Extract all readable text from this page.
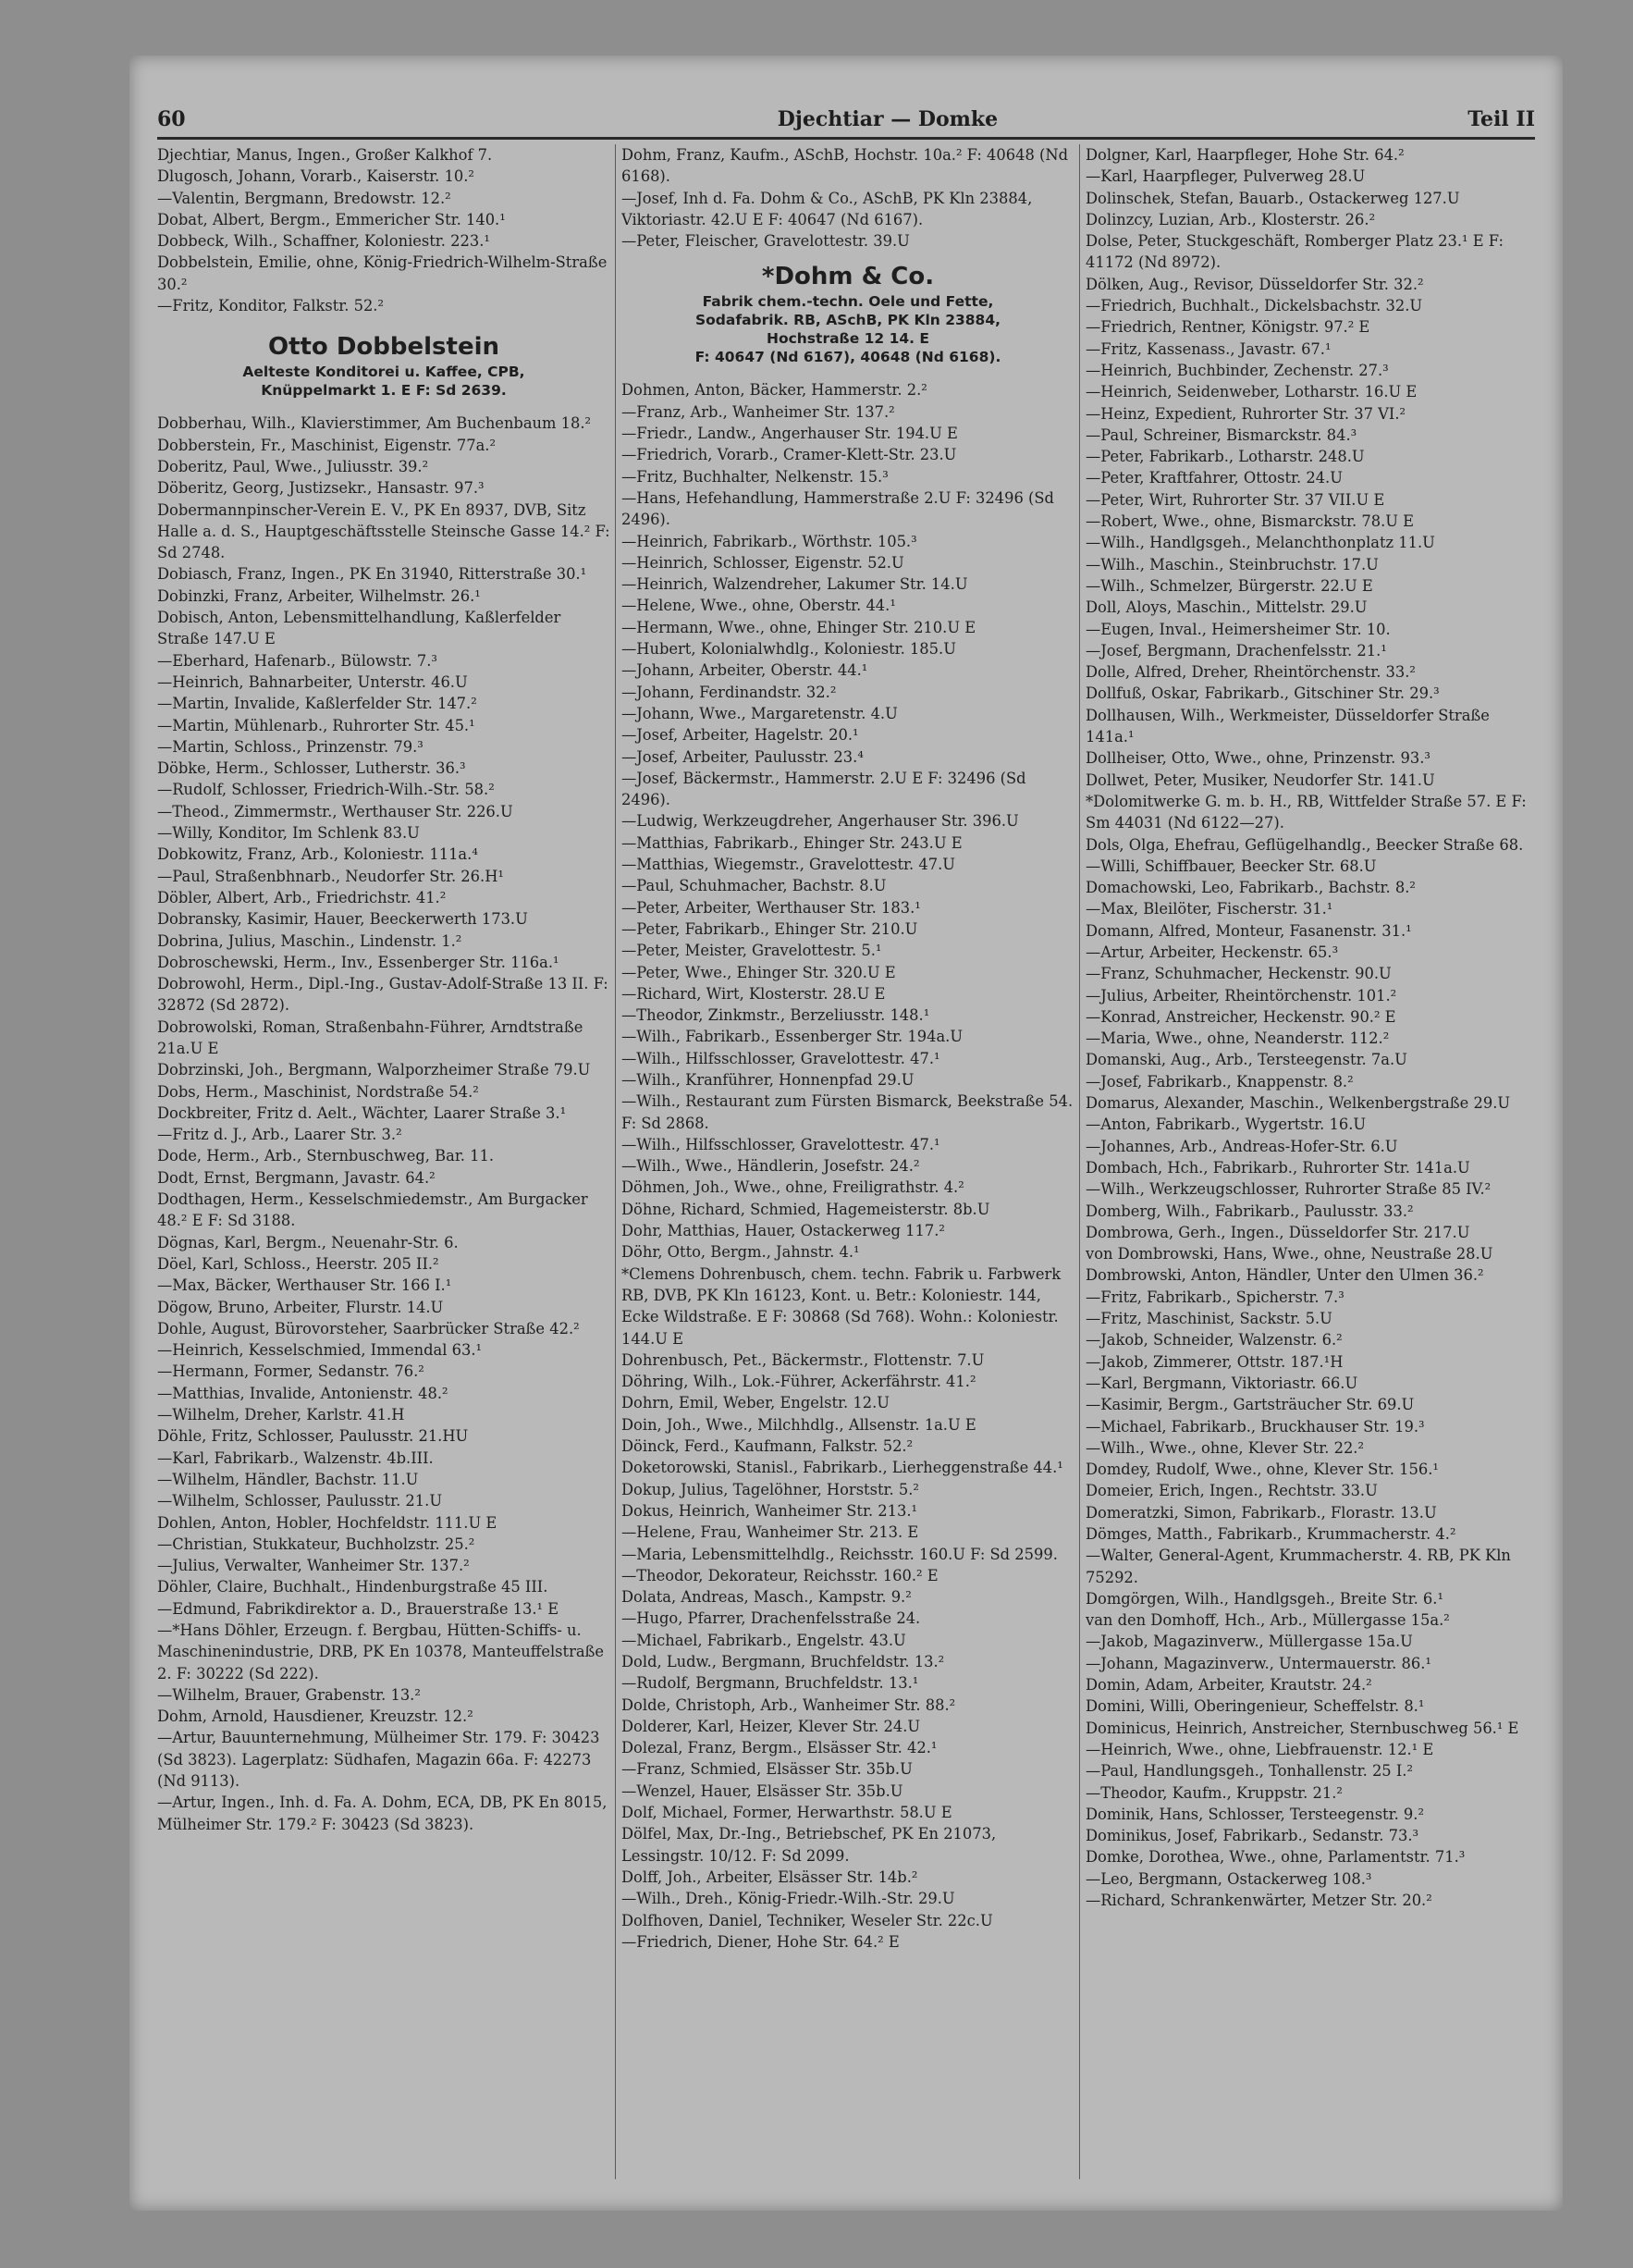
60	Djechtiar — Domke	Teil II

Djechtiar, Manus, Ingen., Großer Kalkhof 7.

Dlugosch, Johann, Vorarb., Kaiserstr. 10.²

—Valentin, Bergmann, Bredowstr. 12.²

Dobat, Albert, Bergm., Emmericher Str. 140.¹

Dobbeck, Wilh., Schaffner, Koloniestr. 223.¹

Dobbelstein, Emilie, ohne, König-Friedrich-Wilhelm-Straße 30.²

—Fritz, Konditor, Falkstr. 52.²

Otto Dobbelstein
Aelteste Konditorei u. Kaffee, CPB,
Knüppelmarkt 1. E F: Sd 2639.

Dobberhau, Wilh., Klavierstimmer, Am Buchenbaum 18.²

Dobberstein, Fr., Maschinist, Eigenstr. 77a.²

Doberitz, Paul, Wwe., Juliusstr. 39.²

Döberitz, Georg, Justizsekr., Hansastr. 97.³

Dobermannpinscher-Verein E. V., PK En 8937, DVB, Sitz Halle a. d. S., Hauptgeschäftsstelle Steinsche Gasse 14.² F: Sd 2748.

Dobiasch, Franz, Ingen., PK En 31940, Ritterstraße 30.¹

Dobinzki, Franz, Arbeiter, Wilhelmstr. 26.¹

Dobisch, Anton, Lebensmittelhandlung, Kaßlerfelder Straße 147.U E

—Eberhard, Hafenarb., Bülowstr. 7.³

—Heinrich, Bahnarbeiter, Unterstr. 46.U

—Martin, Invalide, Kaßlerfelder Str. 147.²

—Martin, Mühlenarb., Ruhrorter Str. 45.¹

—Martin, Schloss., Prinzenstr. 79.³

Döbke, Herm., Schlosser, Lutherstr. 36.³

—Rudolf, Schlosser, Friedrich-Wilh.-Str. 58.²

—Theod., Zimmermstr., Werthauser Str. 226.U

—Willy, Konditor, Im Schlenk 83.U

Dobkowitz, Franz, Arb., Koloniestr. 111a.⁴

—Paul, Straßenbhnarb., Neudorfer Str. 26.H¹

Döbler, Albert, Arb., Friedrichstr. 41.²

Dobransky, Kasimir, Hauer, Beeckerwerth 173.U

Dobrina, Julius, Maschin., Lindenstr. 1.²

Dobroschewski, Herm., Inv., Essenberger Str. 116a.¹

Dobrowohl, Herm., Dipl.-Ing., Gustav-Adolf-Straße 13 II. F: 32872 (Sd 2872).

Dobrowolski, Roman, Straßenbahn-Führer, Arndtstraße 21a.U E

Dobrzinski, Joh., Bergmann, Walporzheimer Straße 79.U

Dobs, Herm., Maschinist, Nordstraße 54.²

Dockbreiter, Fritz d. Aelt., Wächter, Laarer Straße 3.¹

—Fritz d. J., Arb., Laarer Str. 3.²

Dode, Herm., Arb., Sternbuschweg, Bar. 11.

Dodt, Ernst, Bergmann, Javastr. 64.²

Dodthagen, Herm., Kesselschmiedemstr., Am Burgacker 48.² E F: Sd 3188.

Dögnas, Karl, Bergm., Neuenahr-Str. 6.

Döel, Karl, Schloss., Heerstr. 205 II.²

—Max, Bäcker, Werthauser Str. 166 I.¹

Dögow, Bruno, Arbeiter, Flurstr. 14.U

Dohle, August, Bürovorsteher, Saarbrücker Straße 42.²

—Heinrich, Kesselschmied, Immendal 63.¹

—Hermann, Former, Sedanstr. 76.²

—Matthias, Invalide, Antonienstr. 48.²

—Wilhelm, Dreher, Karlstr. 41.H

Döhle, Fritz, Schlosser, Paulusstr. 21.HU

—Karl, Fabrikarb., Walzenstr. 4b.III.

—Wilhelm, Händler, Bachstr. 11.U

—Wilhelm, Schlosser, Paulusstr. 21.U

Dohlen, Anton, Hobler, Hochfeldstr. 111.U E

—Christian, Stukkateur, Buchholzstr. 25.²

—Julius, Verwalter, Wanheimer Str. 137.²

Döhler, Claire, Buchhalt., Hindenburgstraße 45 III.

—Edmund, Fabrikdirektor a. D., Brauerstraße 13.¹ E

—*Hans Döhler, Erzeugn. f. Bergbau, Hütten-Schiffs- u. Maschinenindustrie, DRB, PK En 10378, Manteuffelstraße 2. F: 30222 (Sd 222).

—Wilhelm, Brauer, Grabenstr. 13.²

Dohm, Arnold, Hausdiener, Kreuzstr. 12.²

—Artur, Bauunternehmung, Mülheimer Str. 179. F: 30423 (Sd 3823). Lagerplatz: Südhafen, Magazin 66a. F: 42273 (Nd 9113).

—Artur, Ingen., Inh. d. Fa. A. Dohm, ECA, DB, PK En 8015, Mülheimer Str. 179.² F: 30423 (Sd 3823).

Dohm, Franz, Kaufm., ASchB, Hochstr. 10a.² F: 40648 (Nd 6168).

—Josef, Inh d. Fa. Dohm & Co., ASchB, PK Kln 23884, Viktoriastr. 42.U E F: 40647 (Nd 6167).

—Peter, Fleischer, Gravelottestr. 39.U

*Dohm & Co.
Fabrik chem.-techn. Oele und Fette,
Sodafabrik. RB, ASchB, PK Kln 23884,
Hochstraße 12 14. E
F: 40647 (Nd 6167), 40648 (Nd 6168).

Dohmen, Anton, Bäcker, Hammerstr. 2.²

—Franz, Arb., Wanheimer Str. 137.²

—Friedr., Landw., Angerhauser Str. 194.U E

—Friedrich, Vorarb., Cramer-Klett-Str. 23.U

—Fritz, Buchhalter, Nelkenstr. 15.³

—Hans, Hefehandlung, Hammerstraße 2.U F: 32496 (Sd 2496).

—Heinrich, Fabrikarb., Wörthstr. 105.³

—Heinrich, Schlosser, Eigenstr. 52.U

—Heinrich, Walzendreher, Lakumer Str. 14.U

—Helene, Wwe., ohne, Oberstr. 44.¹

—Hermann, Wwe., ohne, Ehinger Str. 210.U E

—Hubert, Kolonialwhdlg., Koloniestr. 185.U

—Johann, Arbeiter, Oberstr. 44.¹

—Johann, Ferdinandstr. 32.²

—Johann, Wwe., Margaretenstr. 4.U

—Josef, Arbeiter, Hagelstr. 20.¹

—Josef, Arbeiter, Paulusstr. 23.⁴

—Josef, Bäckermstr., Hammerstr. 2.U E F: 32496 (Sd 2496).

—Ludwig, Werkzeugdreher, Angerhauser Str. 396.U

—Matthias, Fabrikarb., Ehinger Str. 243.U E

—Matthias, Wiegemstr., Gravelottestr. 47.U

—Paul, Schuhmacher, Bachstr. 8.U

—Peter, Arbeiter, Werthauser Str. 183.¹

—Peter, Fabrikarb., Ehinger Str. 210.U

—Peter, Meister, Gravelottestr. 5.¹

—Peter, Wwe., Ehinger Str. 320.U E

—Richard, Wirt, Klosterstr. 28.U E

—Theodor, Zinkmstr., Berzeliusstr. 148.¹

—Wilh., Fabrikarb., Essenberger Str. 194a.U

—Wilh., Hilfsschlosser, Gravelottestr. 47.¹

—Wilh., Kranführer, Honnenpfad 29.U

—Wilh., Restaurant zum Fürsten Bismarck, Beekstraße 54. F: Sd 2868.

—Wilh., Hilfsschlosser, Gravelottestr. 47.¹

—Wilh., Wwe., Händlerin, Josefstr. 24.²

Döhmen, Joh., Wwe., ohne, Freiligrathstr. 4.²

Döhne, Richard, Schmied, Hagemeisterstr. 8b.U

Dohr, Matthias, Hauer, Ostackerweg 117.²

Döhr, Otto, Bergm., Jahnstr. 4.¹

*Clemens Dohrenbusch, chem. techn. Fabrik u. Farbwerk RB, DVB, PK Kln 16123, Kont. u. Betr.: Koloniestr. 144, Ecke Wildstraße. E F: 30868 (Sd 768). Wohn.: Koloniestr. 144.U E

Dohrenbusch, Pet., Bäckermstr., Flottenstr. 7.U

Döhring, Wilh., Lok.-Führer, Ackerfährstr. 41.²

Dohrn, Emil, Weber, Engelstr. 12.U

Doin, Joh., Wwe., Milchhdlg., Allsenstr. 1a.U E

Döinck, Ferd., Kaufmann, Falkstr. 52.²

Doketorowski, Stanisl., Fabrikarb., Lierheggenstraße 44.¹

Dokup, Julius, Tagelöhner, Horststr. 5.²

Dokus, Heinrich, Wanheimer Str. 213.¹

—Helene, Frau, Wanheimer Str. 213. E

—Maria, Lebensmittelhdlg., Reichsstr. 160.U F: Sd 2599.

—Theodor, Dekorateur, Reichsstr. 160.² E

Dolata, Andreas, Masch., Kampstr. 9.²

—Hugo, Pfarrer, Drachenfelsstraße 24.

—Michael, Fabrikarb., Engelstr. 43.U

Dold, Ludw., Bergmann, Bruchfeldstr. 13.²

—Rudolf, Bergmann, Bruchfeldstr. 13.¹

Dolde, Christoph, Arb., Wanheimer Str. 88.²

Dolderer, Karl, Heizer, Klever Str. 24.U

Dolezal, Franz, Bergm., Elsässer Str. 42.¹

—Franz, Schmied, Elsässer Str. 35b.U

—Wenzel, Hauer, Elsässer Str. 35b.U

Dolf, Michael, Former, Herwarthstr. 58.U E

Dölfel, Max, Dr.-Ing., Betriebschef, PK En 21073, Lessingstr. 10/12. F: Sd 2099.

Dolff, Joh., Arbeiter, Elsässer Str. 14b.²

—Wilh., Dreh., König-Friedr.-Wilh.-Str. 29.U

Dolfhoven, Daniel, Techniker, Weseler Str. 22c.U

—Friedrich, Diener, Hohe Str. 64.² E

Dolgner, Karl, Haarpfleger, Hohe Str. 64.²

—Karl, Haarpfleger, Pulverweg 28.U

Dolinschek, Stefan, Bauarb., Ostackerweg 127.U

Dolinzcy, Luzian, Arb., Klosterstr. 26.²

Dolse, Peter, Stuckgeschäft, Romberger Platz 23.¹ E F: 41172 (Nd 8972).

Dölken, Aug., Revisor, Düsseldorfer Str. 32.²

—Friedrich, Buchhalt., Dickelsbachstr. 32.U

—Friedrich, Rentner, Königstr. 97.² E

—Fritz, Kassenass., Javastr. 67.¹

—Heinrich, Buchbinder, Zechenstr. 27.³

—Heinrich, Seidenweber, Lotharstr. 16.U E

—Heinz, Expedient, Ruhrorter Str. 37 VI.²

—Paul, Schreiner, Bismarckstr. 84.³

—Peter, Fabrikarb., Lotharstr. 248.U

—Peter, Kraftfahrer, Ottostr. 24.U

—Peter, Wirt, Ruhrorter Str. 37 VII.U E

—Robert, Wwe., ohne, Bismarckstr. 78.U E

—Wilh., Handlgsgeh., Melanchthonplatz 11.U

—Wilh., Maschin., Steinbruchstr. 17.U

—Wilh., Schmelzer, Bürgerstr. 22.U E

Doll, Aloys, Maschin., Mittelstr. 29.U

—Eugen, Inval., Heimersheimer Str. 10.

—Josef, Bergmann, Drachenfelsstr. 21.¹

Dolle, Alfred, Dreher, Rheintörchenstr. 33.²

Dollfuß, Oskar, Fabrikarb., Gitschiner Str. 29.³

Dollhausen, Wilh., Werkmeister, Düsseldorfer Straße 141a.¹

Dollheiser, Otto, Wwe., ohne, Prinzenstr. 93.³

Dollwet, Peter, Musiker, Neudorfer Str. 141.U

*Dolomitwerke G. m. b. H., RB, Wittfelder Straße 57. E F: Sm 44031 (Nd 6122—27).

Dols, Olga, Ehefrau, Geflügelhandlg., Beecker Straße 68.

—Willi, Schiffbauer, Beecker Str. 68.U

Domachowski, Leo, Fabrikarb., Bachstr. 8.²

—Max, Bleilöter, Fischerstr. 31.¹

Domann, Alfred, Monteur, Fasanenstr. 31.¹

—Artur, Arbeiter, Heckenstr. 65.³

—Franz, Schuhmacher, Heckenstr. 90.U

—Julius, Arbeiter, Rheintörchenstr. 101.²

—Konrad, Anstreicher, Heckenstr. 90.² E

—Maria, Wwe., ohne, Neanderstr. 112.²

Domanski, Aug., Arb., Tersteegenstr. 7a.U

—Josef, Fabrikarb., Knappenstr. 8.²

Domarus, Alexander, Maschin., Welkenbergstraße 29.U

—Anton, Fabrikarb., Wygertstr. 16.U

—Johannes, Arb., Andreas-Hofer-Str. 6.U

Dombach, Hch., Fabrikarb., Ruhrorter Str. 141a.U

—Wilh., Werkzeugschlosser, Ruhrorter Straße 85 IV.²

Domberg, Wilh., Fabrikarb., Paulusstr. 33.²

Dombrowa, Gerh., Ingen., Düsseldorfer Str. 217.U

von Dombrowski, Hans, Wwe., ohne, Neustraße 28.U

Dombrowski, Anton, Händler, Unter den Ulmen 36.²

—Fritz, Fabrikarb., Spicherstr. 7.³

—Fritz, Maschinist, Sackstr. 5.U

—Jakob, Schneider, Walzenstr. 6.²

—Jakob, Zimmerer, Ottstr. 187.¹H

—Karl, Bergmann, Viktoriastr. 66.U

—Kasimir, Bergm., Gartsträucher Str. 69.U

—Michael, Fabrikarb., Bruckhauser Str. 19.³

—Wilh., Wwe., ohne, Klever Str. 22.²

Domdey, Rudolf, Wwe., ohne, Klever Str. 156.¹

Domeier, Erich, Ingen., Rechtstr. 33.U

Domeratzki, Simon, Fabrikarb., Florastr. 13.U

Dömges, Matth., Fabrikarb., Krummacherstr. 4.²

—Walter, General-Agent, Krummacherstr. 4. RB, PK Kln 75292.

Domgörgen, Wilh., Handlgsgeh., Breite Str. 6.¹

van den Domhoff, Hch., Arb., Müllergasse 15a.²

—Jakob, Magazinverw., Müllergasse 15a.U

—Johann, Magazinverw., Untermauerstr. 86.¹

Domin, Adam, Arbeiter, Krautstr. 24.²

Domini, Willi, Oberingenieur, Scheffelstr. 8.¹

Dominicus, Heinrich, Anstreicher, Sternbuschweg 56.¹ E

—Heinrich, Wwe., ohne, Liebfrauenstr. 12.¹ E

—Paul, Handlungsgeh., Tonhallenstr. 25 I.²

—Theodor, Kaufm., Kruppstr. 21.²

Dominik, Hans, Schlosser, Tersteegenstr. 9.²

Dominikus, Josef, Fabrikarb., Sedanstr. 73.³

Domke, Dorothea, Wwe., ohne, Parlamentstr. 71.³

—Leo, Bergmann, Ostackerweg 108.³

—Richard, Schrankenwärter, Metzer Str. 20.²
